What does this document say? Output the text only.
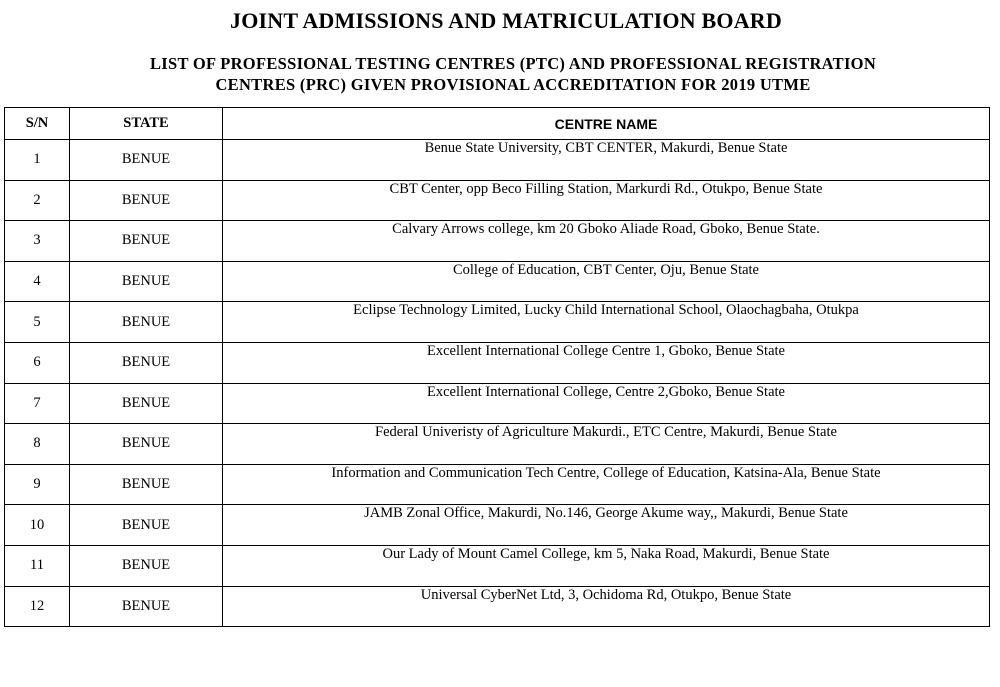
JOINT ADMISSIONS AND MATRICULATION BOARD
LIST OF PROFESSIONAL TESTING CENTRES (PTC) AND PROFESSIONAL REGISTRATION
CENTRES (PRC) GIVEN PROVISIONAL ACCREDITATION FOR 2019 UTME
S/N	STATE	CENTRE NAME
1	BENUE	Benue State University, CBT CENTER, Makurdi, Benue State
2	BENUE	CBT Center, opp Beco Filling Station, Markurdi Rd., Otukpo, Benue State
3	BENUE	Calvary Arrows college, km 20 Gboko Aliade Road, Gboko, Benue State.
4	BENUE	College of Education, CBT Center, Oju, Benue State
5	BENUE	Eclipse Technology Limited, Lucky Child International School, Olaochagbaha, Otukpa
6	BENUE	Excellent International College Centre 1, Gboko, Benue State
7	BENUE	Excellent International College, Centre 2,Gboko, Benue State
8	BENUE	Federal Univeristy of Agriculture Makurdi., ETC Centre, Makurdi, Benue State
9	BENUE	Information and Communication Tech Centre, College of Education, Katsina-Ala, Benue State
10	BENUE	JAMB Zonal Office, Makurdi, No.146, George Akume way,, Makurdi, Benue State
11	BENUE	Our Lady of Mount Camel College, km 5, Naka Road, Makurdi, Benue State
12	BENUE	Universal CyberNet Ltd, 3, Ochidoma Rd, Otukpo, Benue State
